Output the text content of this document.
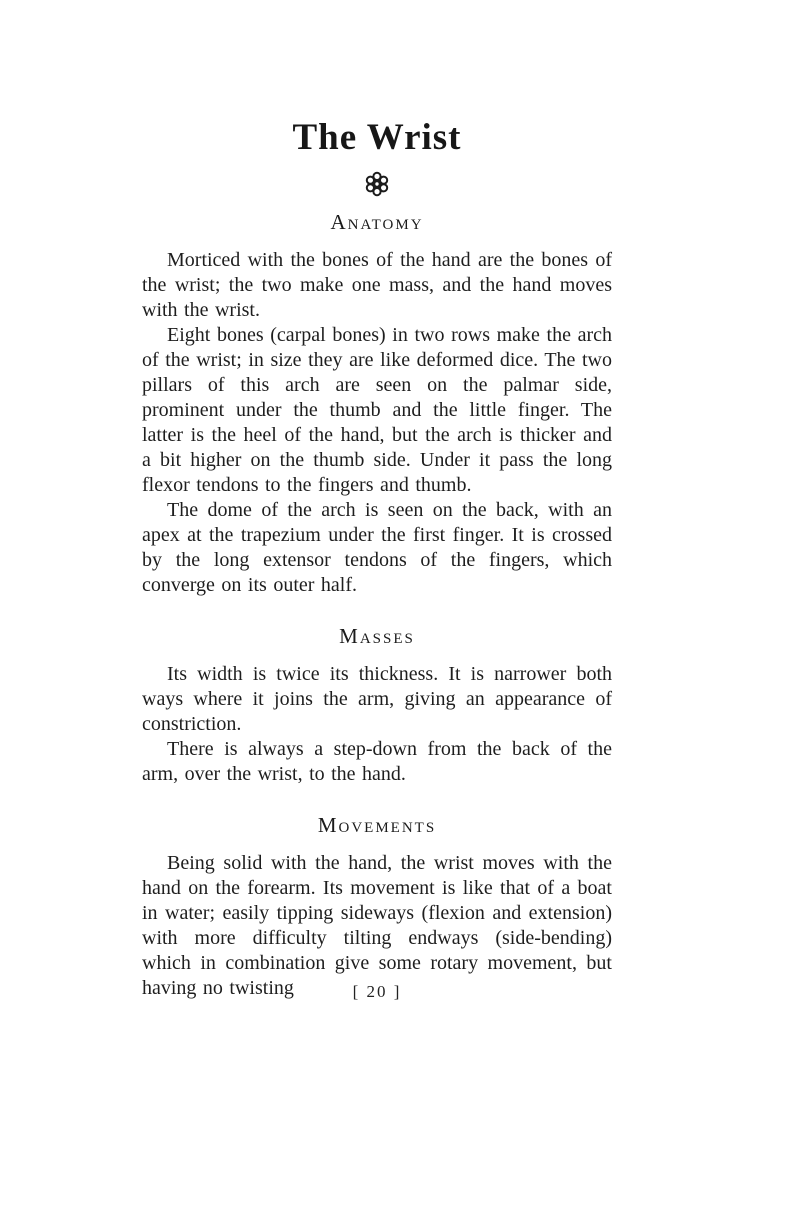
The Wrist
Anatomy

Morticed with the bones of the hand are the bones of the wrist; the two make one mass, and the hand moves with the wrist.

Eight bones (carpal bones) in two rows make the arch of the wrist; in size they are like deformed dice. The two pillars of this arch are seen on the palmar side, prominent under the thumb and the little finger. The latter is the heel of the hand, but the arch is thicker and a bit higher on the thumb side. Under it pass the long flexor tendons to the fingers and thumb.

The dome of the arch is seen on the back, with an apex at the trapezium under the first finger. It is crossed by the long extensor tendons of the fingers, which converge on its outer half.

Masses

Its width is twice its thickness. It is narrower both ways where it joins the arm, giving an appearance of constriction.

There is always a step-down from the back of the arm, over the wrist, to the hand.

Movements

Being solid with the hand, the wrist moves with the hand on the forearm. Its movement is like that of a boat in water; easily tipping sideways (flexion and extension) with more difficulty tilting endways (side-bending) which in combination give some rotary movement, but having no twisting	[ 20 ]
